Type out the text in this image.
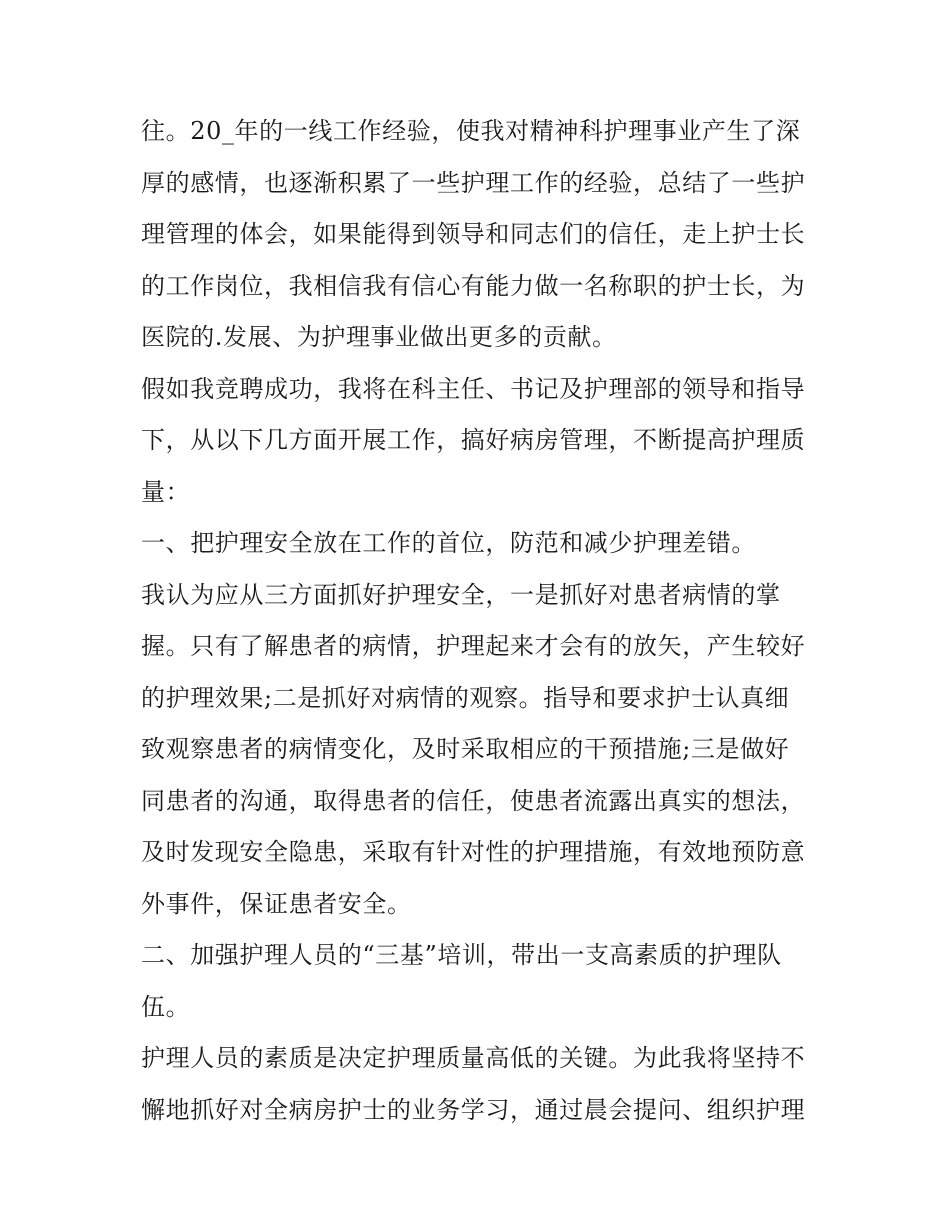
往。20_年的一线工作经验，使我对精神科护理事业产生了深
厚的感情，也逐渐积累了一些护理工作的经验，总结了一些护
理管理的体会，如果能得到领导和同志们的信任，走上护士长
的工作岗位，我相信我有信心有能力做一名称职的护士长，为
医院的.发展、为护理事业做出更多的贡献。
假如我竞聘成功，我将在科主任、书记及护理部的领导和指导
下，从以下几方面开展工作，搞好病房管理，不断提高护理质
量：
一、把护理安全放在工作的首位，防范和减少护理差错。
我认为应从三方面抓好护理安全，一是抓好对患者病情的掌
握。只有了解患者的病情，护理起来才会有的放矢，产生较好
的护理效果;二是抓好对病情的观察。指导和要求护士认真细
致观察患者的病情变化，及时采取相应的干预措施;三是做好
同患者的沟通，取得患者的信任，使患者流露出真实的想法，
及时发现安全隐患，采取有针对性的护理措施，有效地预防意
外事件，保证患者安全。
二、加强护理人员的“三基”培训，带出一支高素质的护理队
伍。
护理人员的素质是决定护理质量高低的关键。为此我将坚持不
懈地抓好对全病房护士的业务学习，通过晨会提问、组织护理
